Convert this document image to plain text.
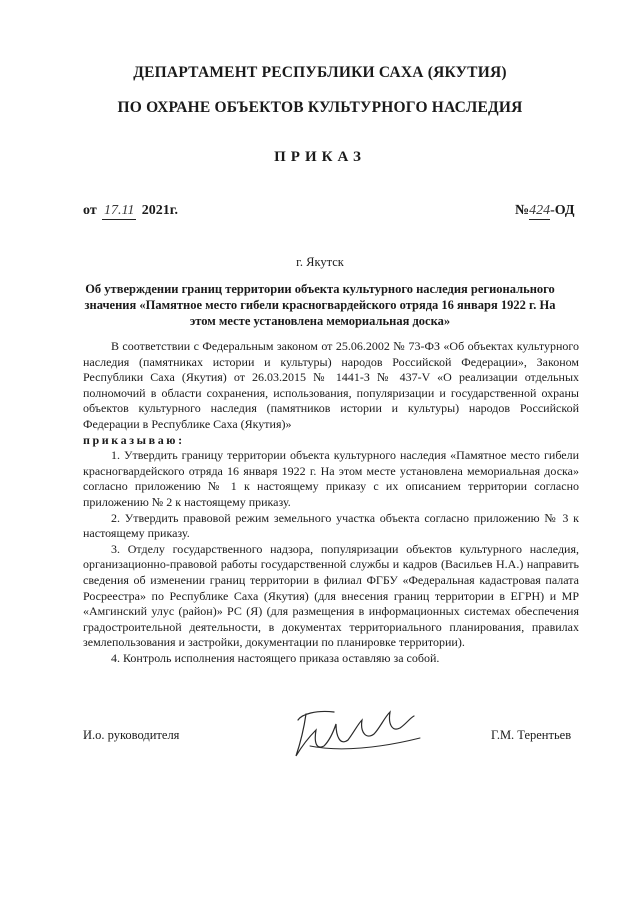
ДЕПАРТАМЕНТ РЕСПУБЛИКИ САХА (ЯКУТИЯ)
ПО ОХРАНЕ ОБЪЕКТОВ КУЛЬТУРНОГО НАСЛЕДИЯ
ПРИКАЗ
от 17.11 2021г.	№424-ОД
г. Якутск
Об утверждении границ территории объекта культурного наследия регионального значения «Памятное место гибели красногвардейского отряда 16 января 1922 г. На этом месте установлена мемориальная доска»

В соответствии с Федеральным законом от 25.06.2002 № 73-ФЗ «Об объектах культурного наследия (памятниках истории и культуры) народов Российской Федерации», Законом Республики Саха (Якутия) от 26.03.2015 № 1441-З № 437-V «О реализации отдельных полномочий в области сохранения, использования, популяризации и государственной охраны объектов культурного наследия (памятников истории и культуры) народов Российской Федерации в Республике Саха (Якутия)»

приказываю:

1. Утвердить границу территории объекта культурного наследия «Памятное место гибели красногвардейского отряда 16 января 1922 г. На этом месте установлена мемориальная доска» согласно приложению № 1 к настоящему приказу с их описанием территории согласно приложению № 2 к настоящему приказу.

2. Утвердить правовой режим земельного участка объекта согласно приложению № 3 к настоящему приказу.

3. Отделу государственного надзора, популяризации объектов культурного наследия, организационно-правовой работы государственной службы и кадров (Васильев Н.А.) направить сведения об изменении границ территории в филиал ФГБУ «Федеральная кадастровая палата Росреестра» по Республике Саха (Якутия) (для внесения границ территории в ЕГРН) и МР «Амгинский улус (район)» РС (Я) (для размещения в информационных системах обеспечения градостроительной деятельности, в документах территориального планирования, правилах землепользования и застройки, документации по планировке территории).

4. Контроль исполнения настоящего приказа оставляю за собой.

И.о. руководителя	Г.М. Терентьев
